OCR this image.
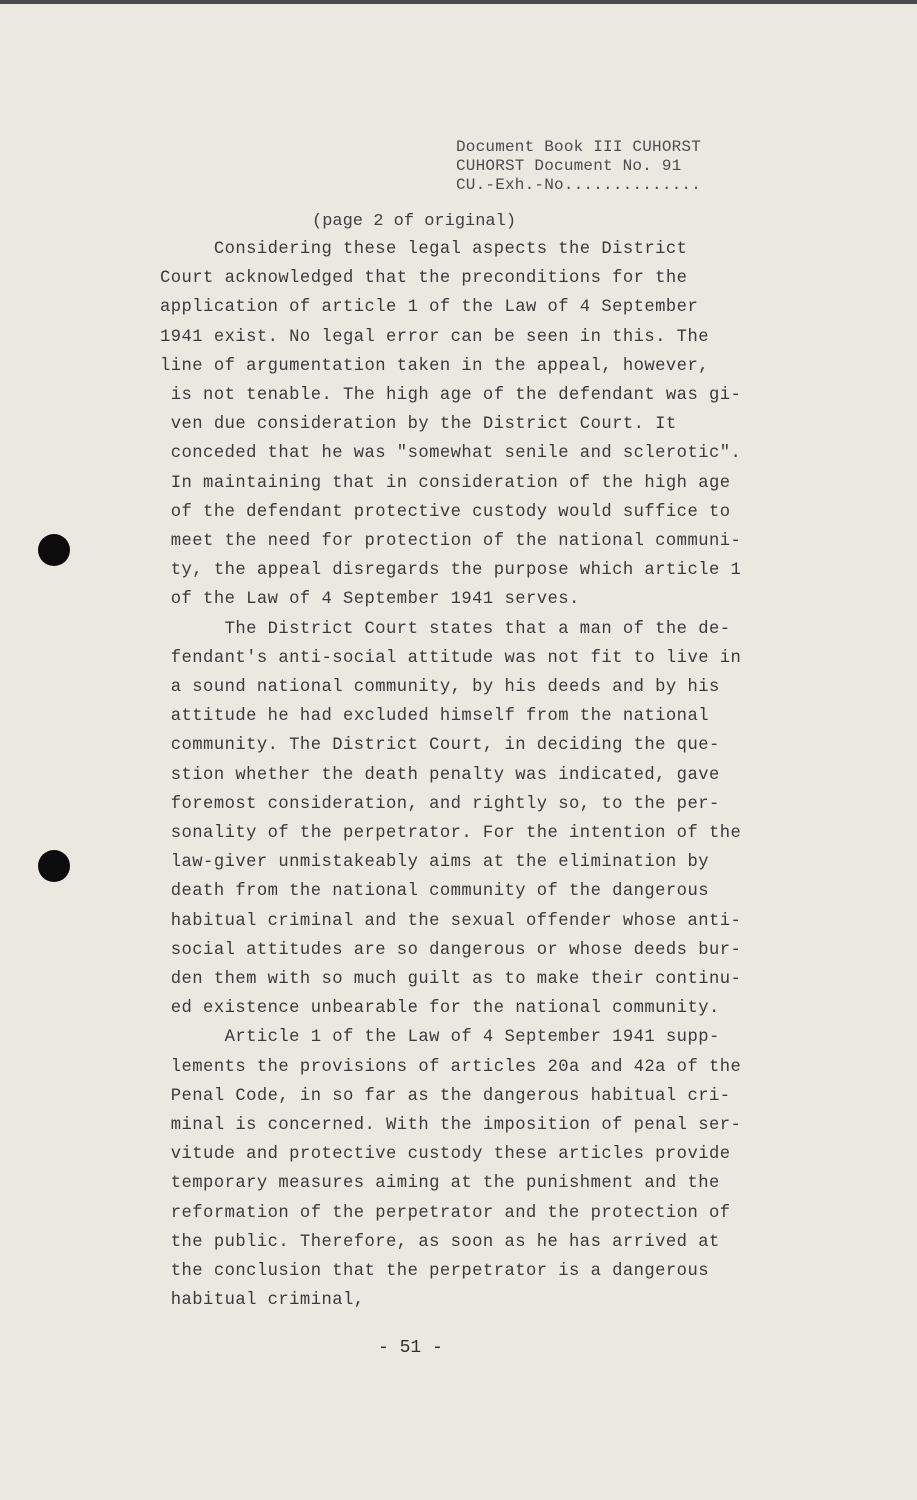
Document Book III CUHORST
CUHORST Document No. 91
CU.-Exh.-No..............
(page 2 of original)
Considering these legal aspects the District
Court acknowledged that the preconditions for the
application of article 1 of the Law of 4 September
1941 exist. No legal error can be seen in this. The
line of argumentation taken in the appeal, however,
is not tenable. The high age of the defendant was gi-
ven due consideration by the District Court. It
conceded that he was "somewhat senile and sclerotic".
In maintaining that in consideration of the high age
of the defendant protective custody would suffice to
meet the need for protection of the national communi-
ty, the appeal disregards the purpose which article 1
of the Law of 4 September 1941 serves.
The District Court states that a man of the de-
fendant's anti-social attitude was not fit to live in
a sound national community, by his deeds and by his
attitude he had excluded himself from the national
community. The District Court, in deciding the que-
stion whether the death penalty was indicated, gave
foremost consideration, and rightly so, to the per-
sonality of the perpetrator. For the intention of the
law-giver unmistakeably aims at the elimination by
death from the national community of the dangerous
habitual criminal and the sexual offender whose anti-
social attitudes are so dangerous or whose deeds bur-
den them with so much guilt as to make their continu-
ed existence unbearable for the national community.
Article 1 of the Law of 4 September 1941 supp-
lements the provisions of articles 20a and 42a of the
Penal Code, in so far as the dangerous habitual cri-
minal is concerned. With the imposition of penal ser-
vitude and protective custody these articles provide
temporary measures aiming at the punishment and the
reformation of the perpetrator and the protection of
the public. Therefore, as soon as he has arrived at
the conclusion that the perpetrator is a dangerous
habitual criminal,
- 51 -
